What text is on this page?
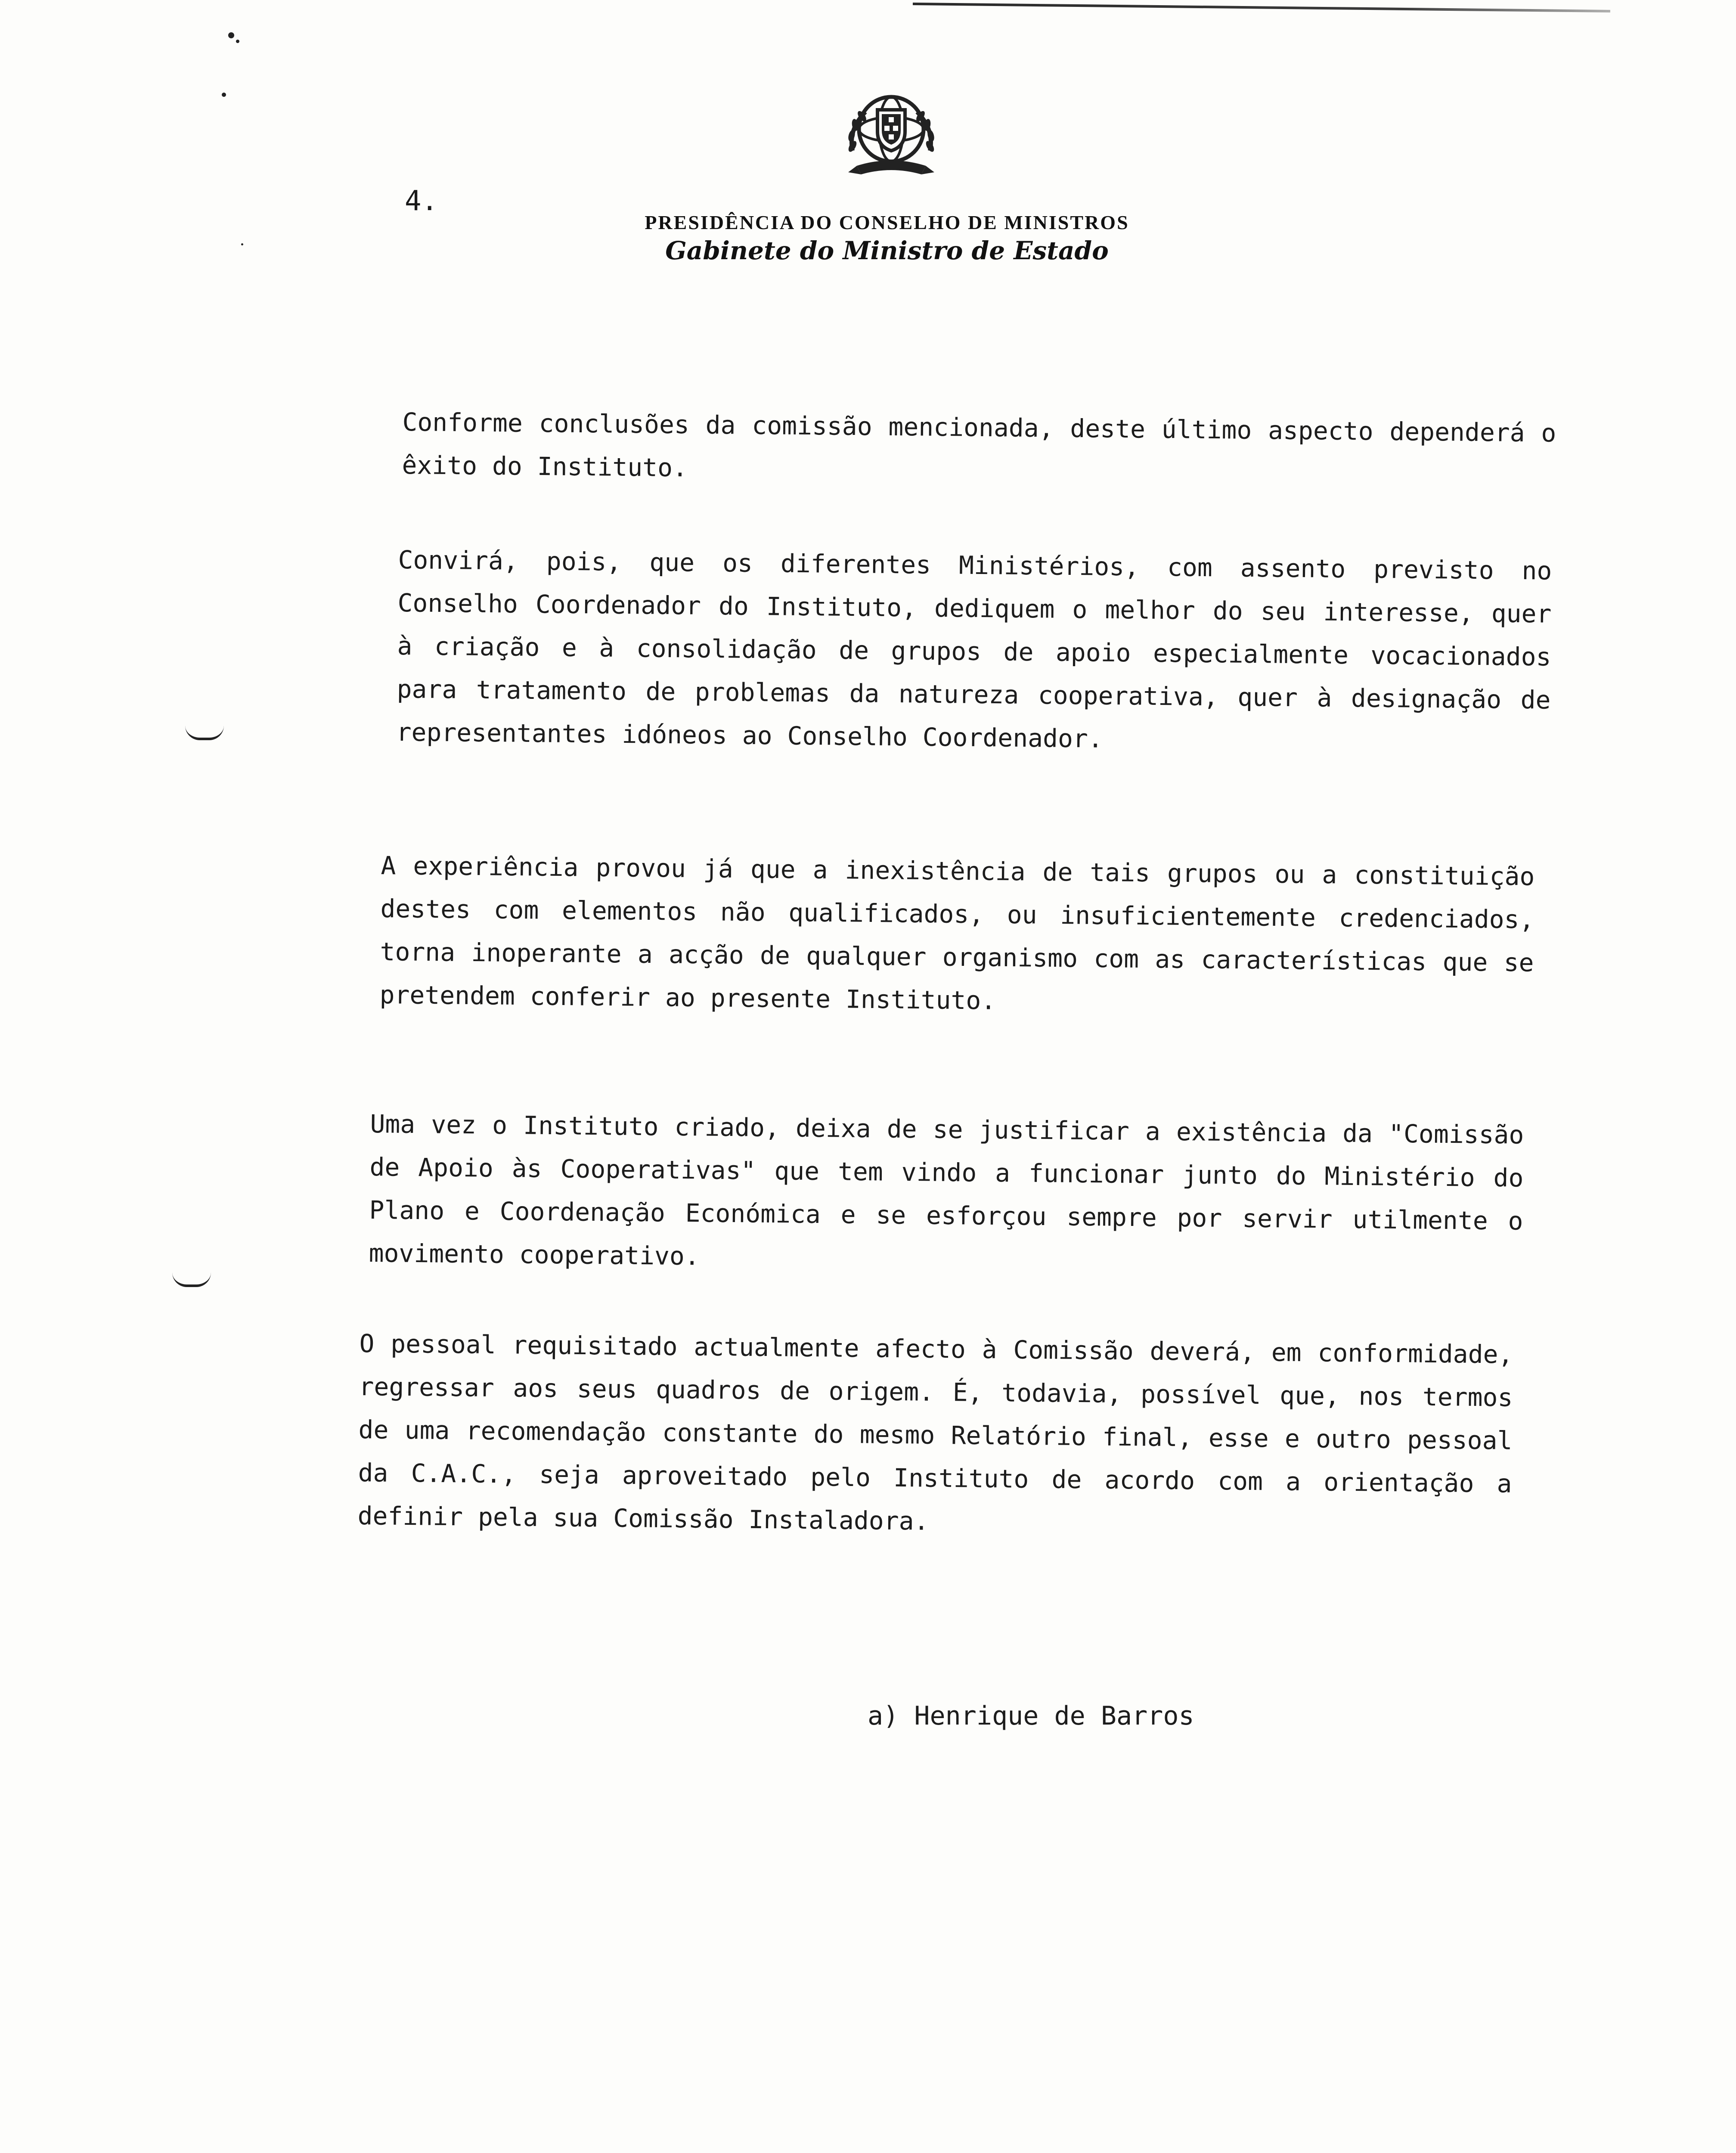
4.
PRESIDÊNCIA DO CONSELHO DE MINISTROS
Gabinete do Ministro de Estado
Conforme conclusões da comissão mencionada, deste último aspecto dependerá o êxito do Instituto.
Convirá, pois, que os diferentes Ministérios, com assento previsto no Conselho Coordenador do Instituto, dediquem o melhor do seu interesse, quer à criação e à consolidação de grupos de apoio especialmente vocacionados para tratamento de problemas da natureza cooperativa, quer à designação de representantes idóneos ao Conselho Coordenador.
A experiência provou já que a inexistência de tais grupos ou a constituição destes com elementos não qualificados, ou insuficientemente credenciados, torna inoperante a acção de qualquer organismo com as características que se pretendem conferir ao presente Instituto.
Uma vez o Instituto criado, deixa de se justificar a existência da "Comissão de Apoio às Cooperativas" que tem vindo a funcionar junto do Ministério do Plano e Coordenação Económica e se esforçou sempre por servir utilmente o movimento cooperativo.
O pessoal requisitado actualmente afecto à Comissão deverá, em conformidade, regressar aos seus quadros de origem. É, todavia, possível que, nos termos de uma recomendação constante do mesmo Relatório final, esse e outro pessoal da C.A.C., seja aproveitado pelo Instituto de acordo com a orientação a definir pela sua Comissão Instaladora.
a) Henrique de Barros
